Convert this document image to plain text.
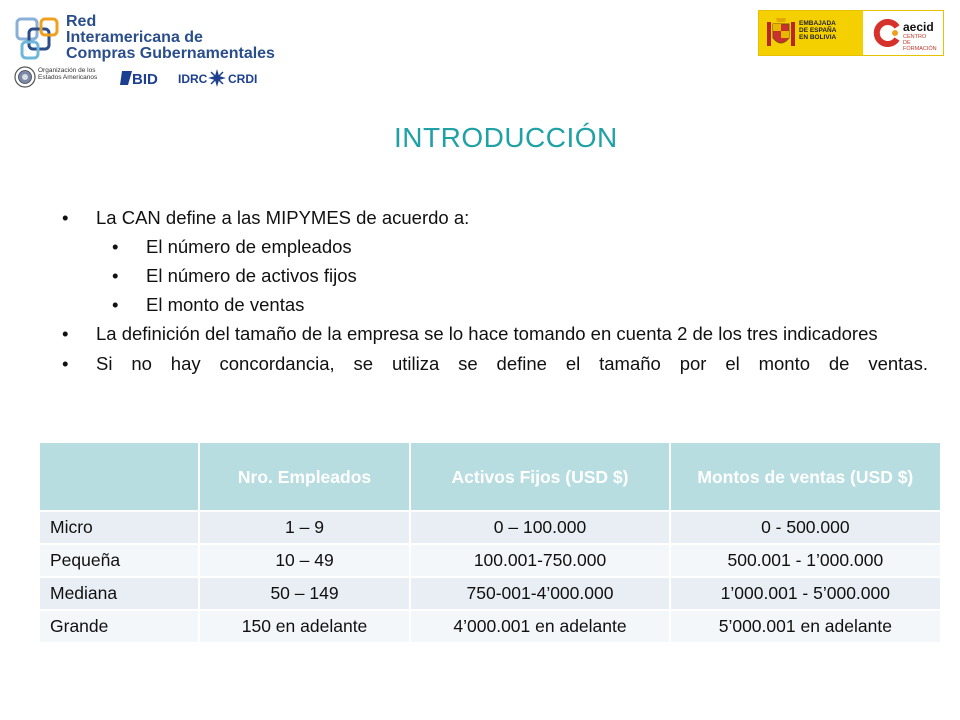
Red
Interamericana de
Compras Gubernamentales
Organización de los
Estados Americanos	BID IDRC CRDI
EMBAJADA
DE ESPAÑA
EN BOLIVIA
aecid
CENTRO
DE FORMACIÓN
INTRODUCCIÓN
• La CAN define a las MIPYMES de acuerdo a:
• El número de empleados
• El número de activos fijos
• El monto de ventas
• La definición del tamaño de la empresa se lo hace tomando en cuenta 2 de los tres indicadores
• Si no hay concordancia, se utiliza se define el tamaño por el monto de ventas.
	Nro. Empleados	Activos Fijos (USD $)	Montos de ventas (USD $)
Micro	1 – 9	0 – 100.000	0 - 500.000
Pequeña	10 – 49	100.001-750.000	500.001 - 1’000.000
Mediana	50 – 149	750-001-4’000.000	1’000.001 - 5’000.000
Grande	150 en adelante	4’000.001 en adelante	5’000.001 en adelante
